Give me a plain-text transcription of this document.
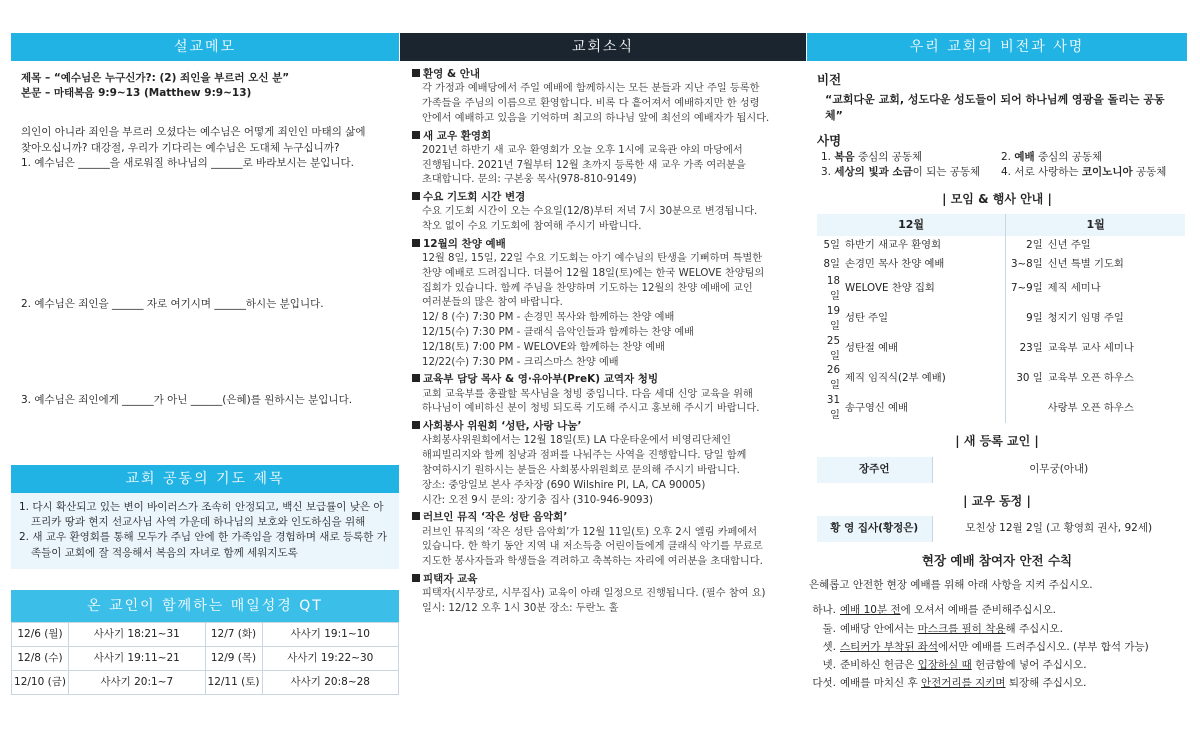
설교메모
제목 – “예수님은 누구신가?: (2) 죄인을 부르러 오신 분”
본문 – 마태복음 9:9~13 (Matthew 9:9~13)

의인이 아니라 죄인을 부르러 오셨다는 예수님은 어떻게 죄인인 마태의 삶에

찾아오십니까? 대강절, 우리가 기다리는 예수님은 도대체 누구십니까?

1. 예수님은 ______을 새로워질 하나님의 ______로 바라보시는 분입니다.

2. 예수님은 죄인을 ______ 자로 여기시며 ______하시는 분입니다.

3. 예수님은 죄인에게 ______가 아닌 ______(은혜)를 원하시는 분입니다.

교회 공동의 기도 제목
1. 다시 확산되고 있는 변이 바이러스가 조속히 안정되고, 백신 보급률이 낮은 아프리카 땅과 현지 선교사님 사역 가운데 하나님의 보호와 인도하심을 위해
2. 새 교우 환영회를 통해 모두가 주님 안에 한 가족임을 경험하며 새로 등록한 가족들이 교회에 잘 적응해서 복음의 자녀로 함께 세워지도록
온 교인이 함께하는 매일성경 QT
12/6 (월)	사사기 18:21~31	12/7 (화)	사사기 19:1~10
12/8 (수)	사사기 19:11~21	12/9 (목)	사사기 19:22~30
12/10 (금)	사사기 20:1~7	12/11 (토)	사사기 20:8~28
교회소식
환영 & 안내
각 가정과 예배당에서 주일 예배에 함께하시는 모든 분들과 지난 주일 등록한
가족들을 주님의 이름으로 환영합니다. 비록 다 흩어져서 예배하지만 한 성령
안에서 예배하고 있음을 기억하며 최고의 하나님 앞에 최선의 예배자가 됩시다.
새 교우 환영회
2021년 하반기 새 교우 환영회가 오늘 오후 1시에 교육관 야외 마당에서
진행됩니다. 2021년 7월부터 12월 초까지 등록한 새 교우 가족 여러분을
초대합니다. 문의: 구본웅 목사(978-810-9149)
수요 기도회 시간 변경
수요 기도회 시간이 오는 수요일(12/8)부터 저녁 7시 30분으로 변경됩니다.
착오 없이 수요 기도회에 참여해 주시기 바랍니다.
12월의 찬양 예배
12월 8일, 15일, 22일 수요 기도회는 아기 예수님의 탄생을 기뻐하며 특별한
찬양 예배로 드려집니다. 더불어 12월 18일(토)에는 한국 WELOVE 찬양팀의
집회가 있습니다. 함께 주님을 찬양하며 기도하는 12월의 찬양 예배에 교인
여러분들의 많은 참여 바랍니다.
12/ 8 (수) 7:30 PM - 손경민 목사와 함께하는 찬양 예배
12/15(수) 7:30 PM - 클래식 음악인들과 함께하는 찬양 예배
12/18(토) 7:00 PM - WELOVE와 함께하는 찬양 예배
12/22(수) 7:30 PM - 크리스마스 찬양 예배
교육부 담당 목사 & 영·유아부(PreK) 교역자 청빙
교회 교육부를 총괄할 목사님을 청빙 중입니다. 다음 세대 신앙 교육을 위해
하나님이 예비하신 분이 청빙 되도록 기도해 주시고 홍보해 주시기 바랍니다.
사회봉사 위원회 ‘성탄, 사랑 나눔’
사회봉사위원회에서는 12월 18일(토) LA 다운타운에서 비영리단체인
해피빌리지와 함께 침낭과 점퍼를 나눠주는 사역을 진행합니다. 당일 함께
참여하시기 원하시는 분들은 사회봉사위원회로 문의해 주시기 바랍니다.
장소: 중앙일보 본사 주차장 (690 Wilshire Pl, LA, CA 90005)
시간: 오전 9시 문의: 장기충 집사 (310-946-9093)
러브인 뮤직 ‘작은 성탄 음악회’
러브인 뮤직의 ‘작은 성탄 음악회’가 12월 11일(토) 오후 2시 엘림 카페에서
있습니다. 한 학기 동안 지역 내 저소득층 어린이들에게 클래식 악기를 무료로
지도한 봉사자들과 학생들을 격려하고 축복하는 자리에 여러분을 초대합니다.
피택자 교육
피택자(시무장로, 시무집사) 교육이 아래 일정으로 진행됩니다. (필수 참여 요)
일시: 12/12 오후 1시 30분 장소: 두란노 홀
우리 교회의 비전과 사명
비전
“교회다운 교회, 성도다운 성도들이 되어 하나님께 영광을 돌리는 공동체”
사명
1. 복음 중심의 공동체	2. 예배 중심의 공동체
3. 세상의 빛과 소금이 되는 공동체	4. 서로 사랑하는 코이노니아 공동체
| 모임 & 행사 안내 |
12월		1월	
5일	하반기 새교우 환영회	2일	신년 주일
8일	손경민 목사 찬양 예배	3~8일	신년 특별 기도회
18일	WELOVE 찬양 집회	7~9일	제직 세미나
19일	성탄 주일	9일	청지기 임명 주일
25일	성탄절 예배	23일	교육부 교사 세미나
26일	제직 임직식(2부 예배)	30 일	교육부 오픈 하우스
31일	송구영신 예배		사랑부 오픈 하우스
| 새 등록 교인 |
장주언	이무궁(아내)
| 교우 동정 |
황 영 집사(황정은)	모친상 12월 2일 (고 황영희 권사, 92세)
현장 예배 참여자 안전 수칙
은혜롭고 안전한 현장 예배를 위해 아래 사항을 지켜 주십시오.
하나. 예배 10분 전에 오셔서 예배를 준비해주십시오.
둘. 예배당 안에서는 마스크를 필히 착용해 주십시오.
셋. 스티커가 부착된 좌석에서만 예배를 드려주십시오. (부부 합석 가능)
넷. 준비하신 헌금은 입장하실 때 헌금함에 넣어 주십시오.
다섯. 예배를 마치신 후 안전거리를 지키며 퇴장해 주십시오.
